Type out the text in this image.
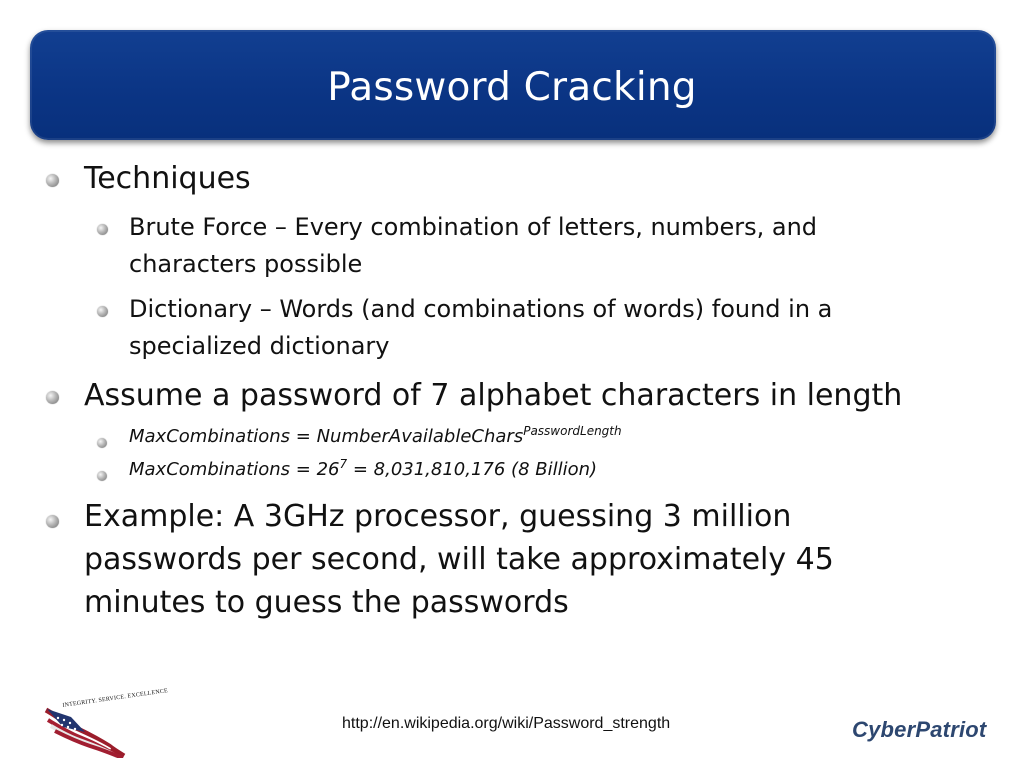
Password Cracking
Techniques
Brute Force – Every combination of letters, numbers, and
characters possible
Dictionary – Words (and combinations of words) found in a
specialized dictionary
Assume a password of 7 alphabet characters in length
MaxCombinations = NumberAvailableChars$^{PasswordLength}$
MaxCombinations = $26^7 = 8,031,810,176$ (8 Billion)
Example: A 3GHz processor, guessing 3 million
passwords per second, will take approximately 45
minutes to guess the passwords
INTEGRITY. SERVICE. EXCELLENCE
http://en.wikipedia.org/wiki/Password_strength	CyberPatriot
